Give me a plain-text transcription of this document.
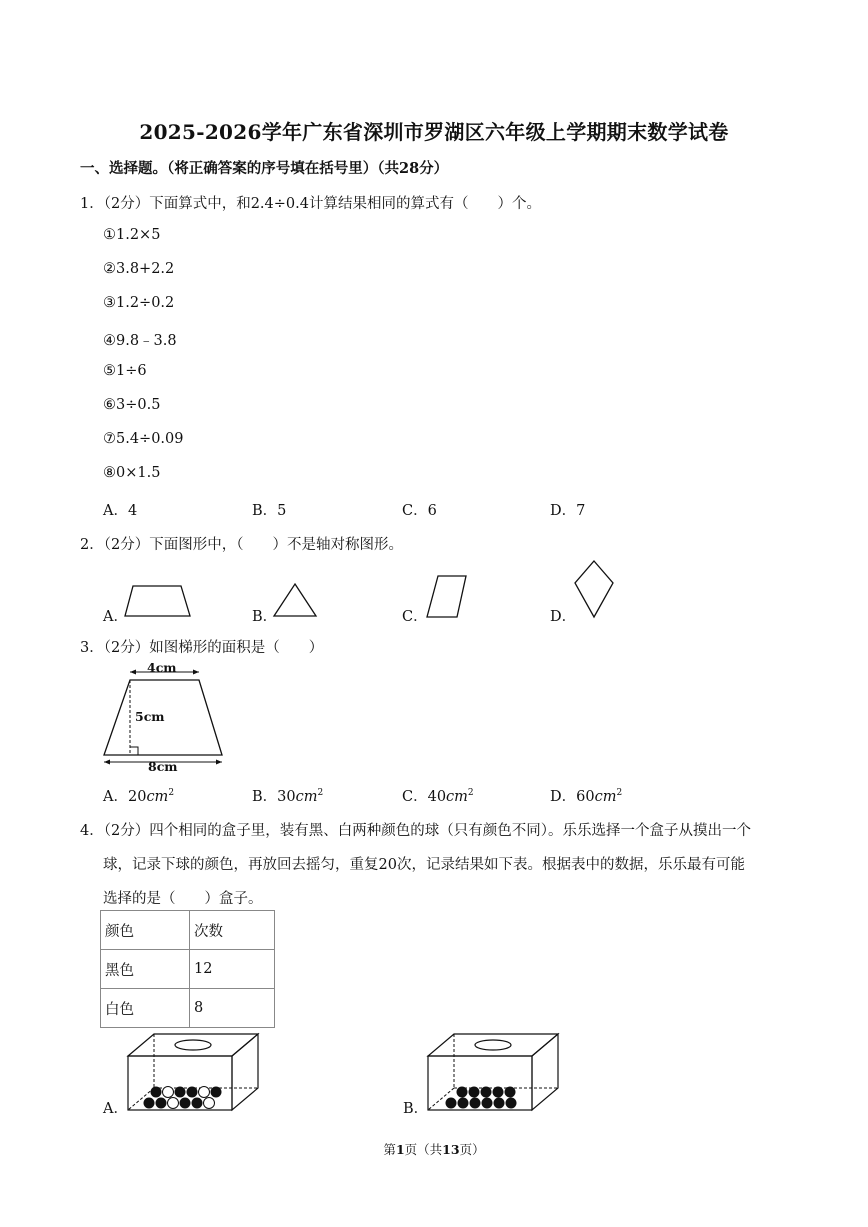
2025-2026学年广东省深圳市罗湖区六年级上学期期末数学试卷
一、选择题。（将正确答案的序号填在括号里）（共28分）
1．（2分）下面算式中，和2.4÷0.4计算结果相同的算式有（　　）个。
①1.2×5
②3.8+2.2
③1.2÷0.2
④9.8﹣3.8
⑤1÷6
⑥3÷0.5
⑦5.4÷0.09
⑧0×1.5
A．4	B．5	C．6	D．7
2．（2分）下面图形中，（　　）不是轴对称图形。
A．	B．	C．	D．
3．（2分）如图梯形的面积是（　　）
4cm
5cm
8cm
A．$20cm^2$	B．$30cm^2$	C．$40cm^2$	D．$60cm^2$
4．（2分）四个相同的盒子里，装有黑、白两种颜色的球（只有颜色不同）。乐乐选择一个盒子从摸出一个
球，记录下球的颜色，再放回去摇匀，重复20次，记录结果如下表。根据表中的数据，乐乐最有可能
选择的是（　　）盒子。
颜色	次数
黑色	12
白色	8
A．	B．
第1页（共13页）
